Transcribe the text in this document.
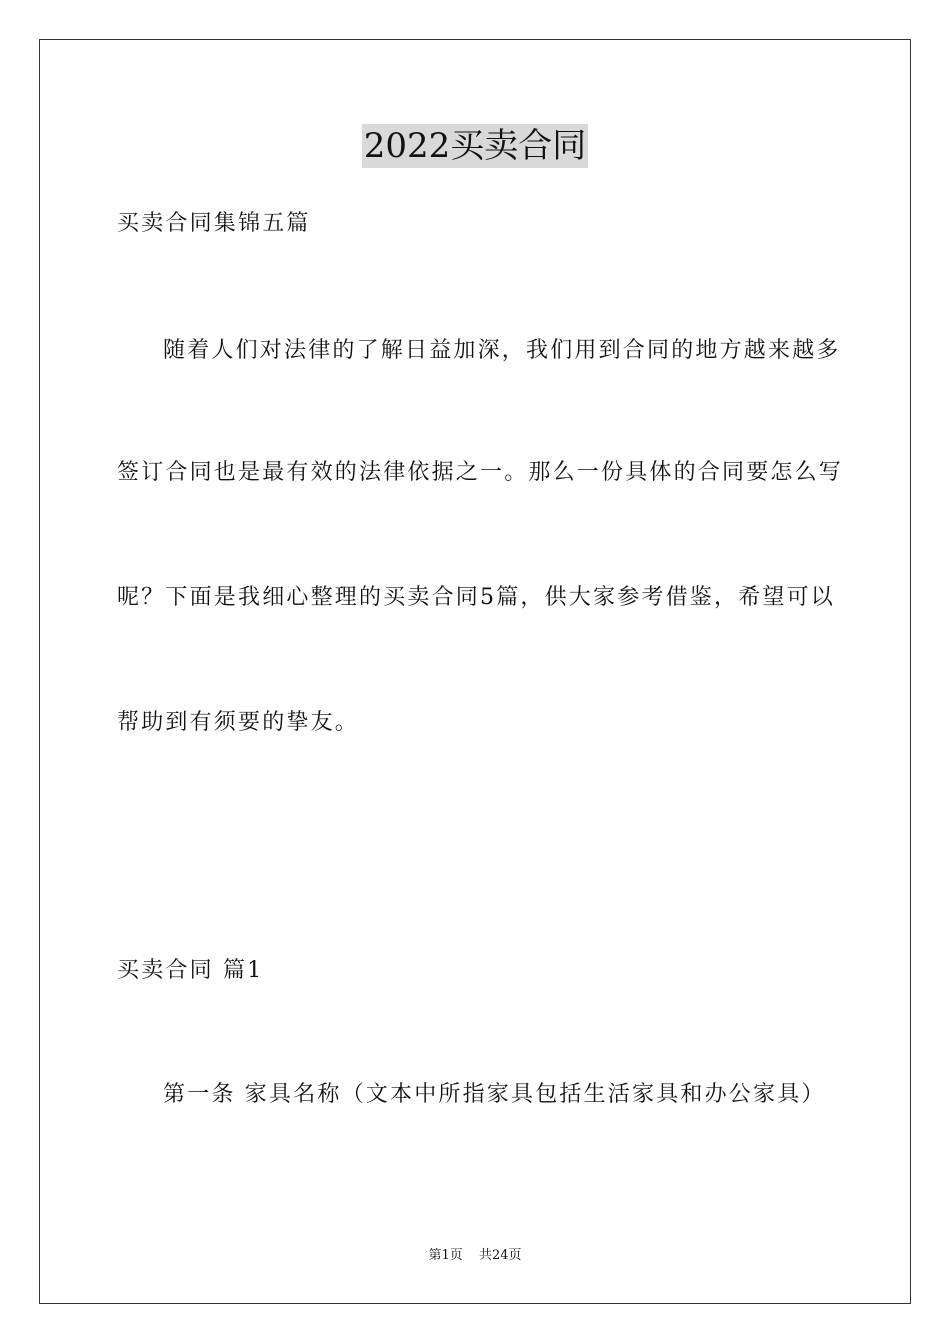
2022买卖合同
买卖合同集锦五篇
随着人们对法律的了解日益加深，我们用到合同的地方越来越多
签订合同也是最有效的法律依据之一。那么一份具体的合同要怎么写
呢？下面是我细心整理的买卖合同5篇，供大家参考借鉴，希望可以
帮助到有须要的挚友。
买卖合同 篇1
第一条 家具名称（文本中所指家具包括生活家具和办公家具）
第1页 共24页
